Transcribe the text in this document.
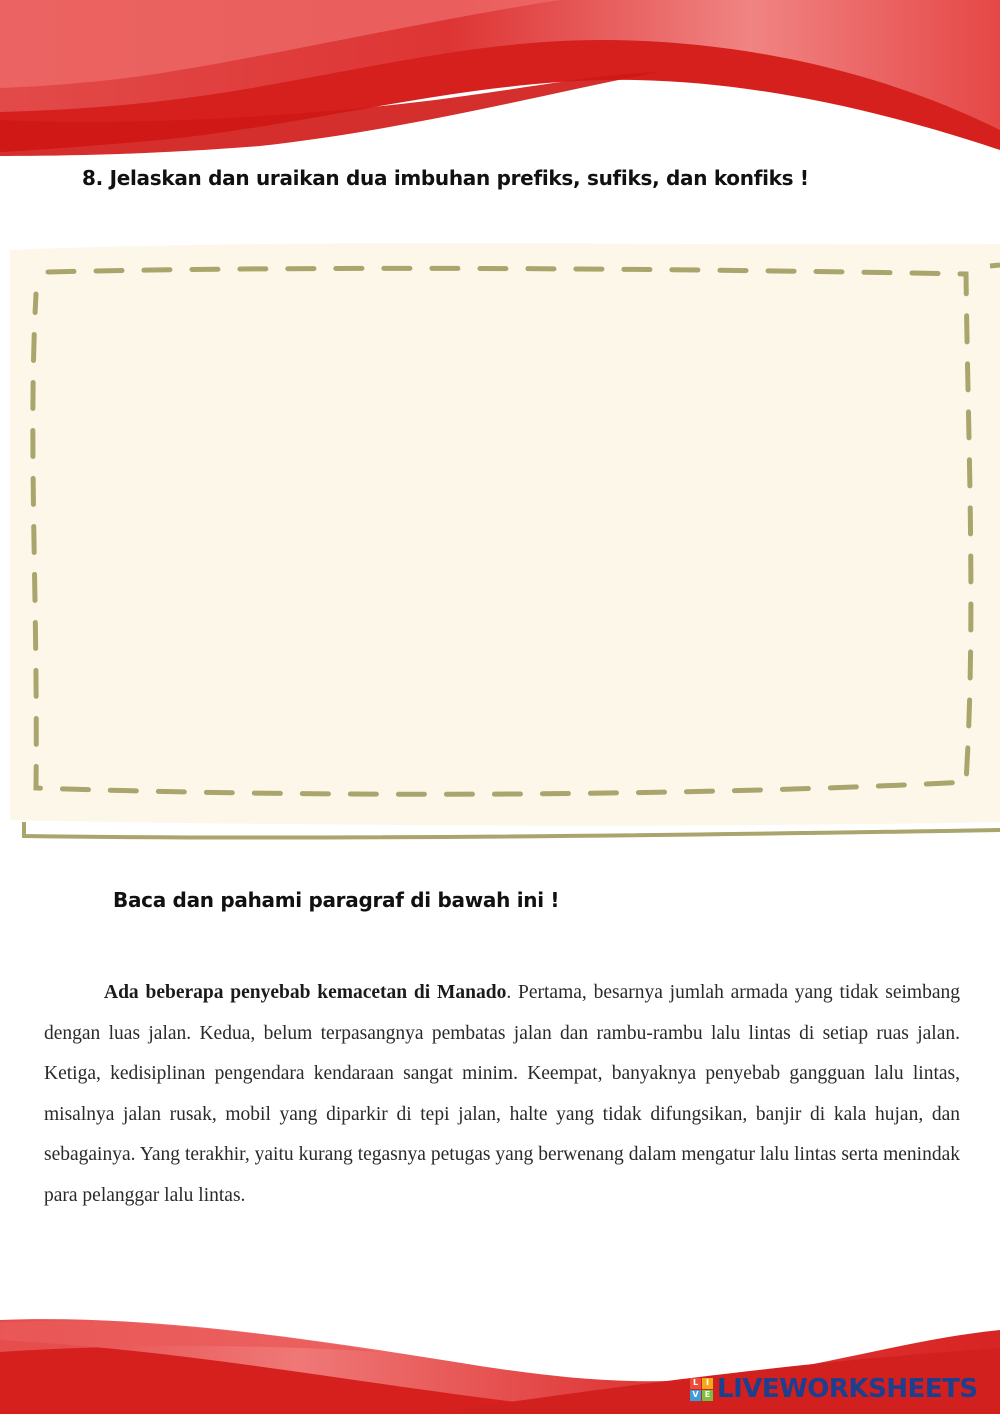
8. Jelaskan dan uraikan dua imbuhan prefiks, sufiks, dan konfiks !

Baca dan pahami paragraf di bawah ini !

Ada beberapa penyebab kemacetan di Manado. Pertama, besarnya jumlah armada yang tidak seimbang dengan luas jalan. Kedua, belum terpasangnya pembatas jalan dan rambu-rambu lalu lintas di setiap ruas jalan. Ketiga, kedisiplinan pengendara kendaraan sangat minim. Keempat, banyaknya penyebab gangguan lalu lintas, misalnya jalan rusak, mobil yang diparkir di tepi jalan, halte yang tidak difungsikan, banjir di kala hujan, dan sebagainya. Yang terakhir, yaitu kurang tegasnya petugas yang berwenang dalam mengatur lalu lintas serta menindak para pelanggar lalu lintas.

L I
V E LIVEWORKSHEETS
